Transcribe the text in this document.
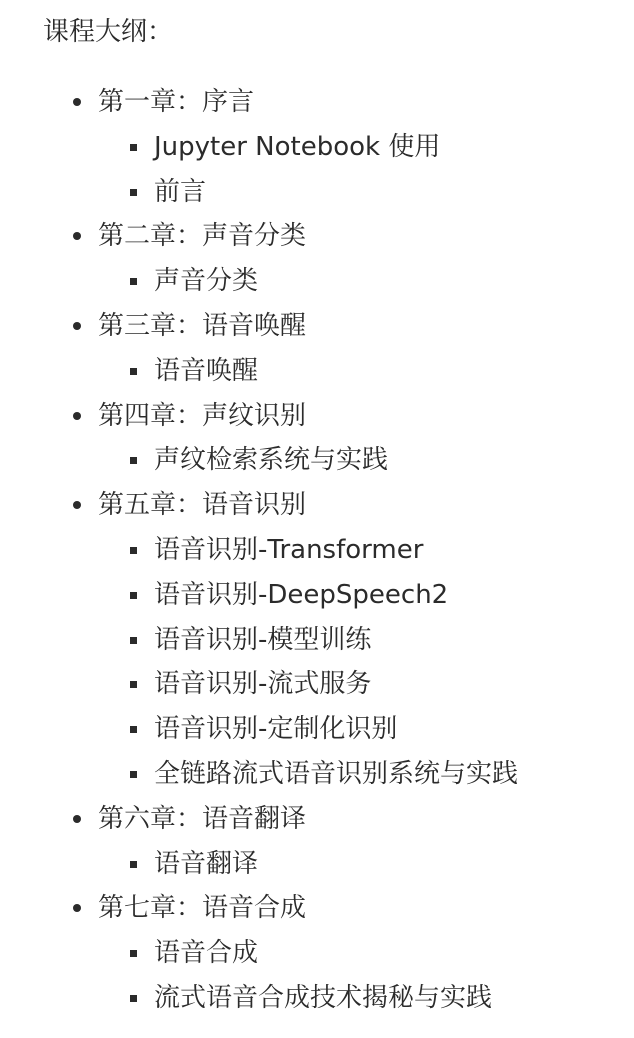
课程大纲：
第一章：序言
Jupyter Notebook 使用
前言
第二章：声音分类
声音分类
第三章：语音唤醒
语音唤醒
第四章：声纹识别
声纹检索系统与实践
第五章：语音识别
语音识别-Transformer
语音识别-DeepSpeech2
语音识别-模型训练
语音识别-流式服务
语音识别-定制化识别
全链路流式语音识别系统与实践
第六章：语音翻译
语音翻译
第七章：语音合成
语音合成
流式语音合成技术揭秘与实践
